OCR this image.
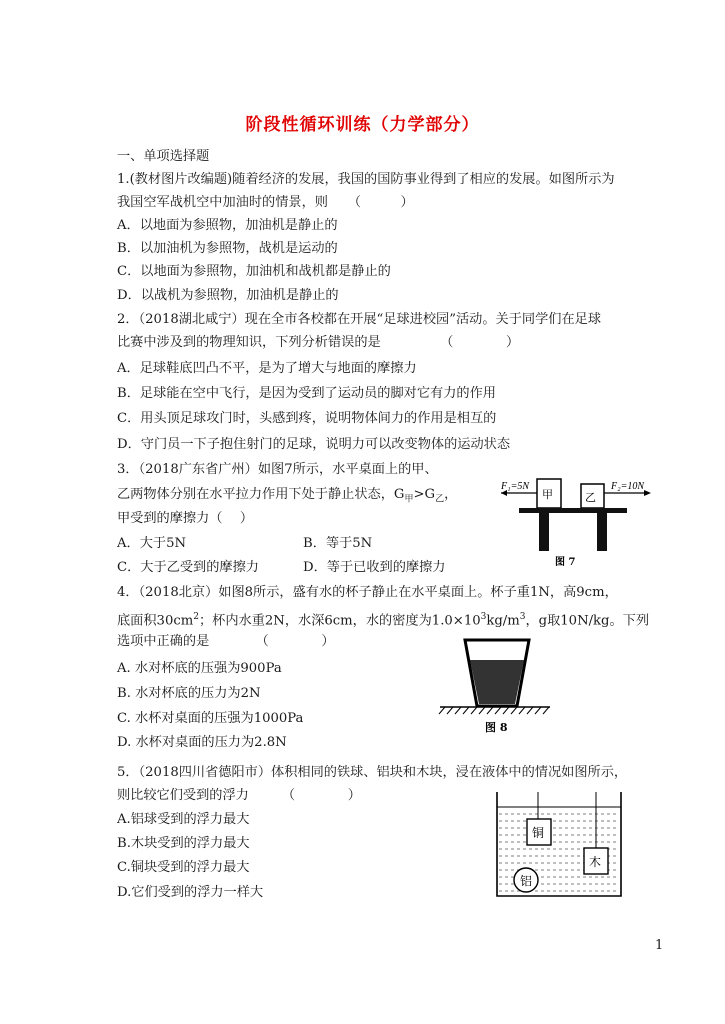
阶段性循环训练（力学部分）
一、单项选择题
1.(教材图片改编题)随着经济的发展，我国的国防事业得到了相应的发展。如图所示为
我国空军战机空中加油时的情景，则　　（　　　）
A．以地面为参照物，加油机是静止的
B．以加油机为参照物，战机是运动的
C．以地面为参照物，加油机和战机都是静止的
D．以战机为参照物，加油机是静止的
2．（2018湖北咸宁）现在全市各校都在开展“足球进校园”活动。关于同学们在足球
比赛中涉及到的物理知识，下列分析错误的是　　　　　（　　　　）
A．足球鞋底凹凸不平，是为了增大与地面的摩擦力
B．足球能在空中飞行，是因为受到了运动员的脚对它有力的作用
C．用头顶足球攻门时，头感到疼，说明物体间力的作用是相互的
D．守门员一下子抱住射门的足球，说明力可以改变物体的运动状态
3．（2018广东省广州）如图7所示，水平桌面上的甲、
乙两物体分别在水平拉力作用下处于静止状态，$G_甲>G_乙$，
甲受到的摩擦力（　 ）
A．大于5N	B．等于5N
C．大于乙受到的摩擦力	D．等于已收到的摩擦力
F₁=5N
甲	乙
F₂=10N
图 7
4．（2018北京）如图8所示，盛有水的杯子静止在水平桌面上。杯子重1N，高9cm，
底面积$30cm^2$；杯内水重2N，水深6cm，水的密度为$1.0\times 10^3kg/m^3$，g取10N/kg。下列
选项中正确的是　　　　（　　　　）
A. 水对杯底的压强为900Pa
B. 水对杯底的压力为2N
C. 水杯对桌面的压强为1000Pa
D. 水杯对桌面的压力为2.8N
图 8
5．（2018四川省德阳市）体积相同的铁球、铝块和木块，浸在液体中的情况如图所示，
则比较它们受到的浮力　　　（　　　　）
A.铝球受到的浮力最大
B.木块受到的浮力最大
C.铜块受到的浮力最大
D.它们受到的浮力一样大
铜
木
铝
1
